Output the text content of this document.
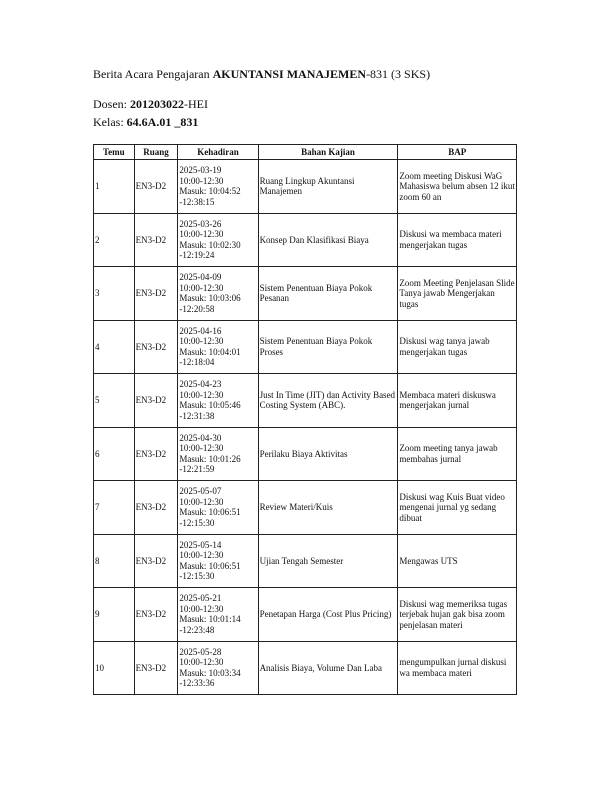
Berita Acara Pengajaran AKUNTANSI MANAJEMEN-831 (3 SKS)
Dosen: 201203022-HEI
Kelas: 64.6A.01 _831
Temu	Ruang	Kehadiran	Bahan Kajian	BAP
1	EN3-D2	2025-03-19
10:00-12:30
Masuk: 10:04:52
-12:38:15	Ruang Lingkup Akuntansi Manajemen	Zoom meeting Diskusi WaG Mahasiswa belum absen 12 ikut zoom 60 an
2	EN3-D2	2025-03-26
10:00-12:30
Masuk: 10:02:30
-12:19:24	Konsep Dan Klasifikasi Biaya	Diskusi wa membaca materi mengerjakan tugas
3	EN3-D2	2025-04-09
10:00-12:30
Masuk: 10:03:06
-12:20:58	Sistem Penentuan Biaya Pokok Pesanan	Zoom Meeting Penjelasan Slide Tanya jawab Mengerjakan tugas
4	EN3-D2	2025-04-16
10:00-12:30
Masuk: 10:04:01
-12:18:04	Sistem Penentuan Biaya Pokok Proses	Diskusi wag tanya jawab mengerjakan tugas
5	EN3-D2	2025-04-23
10:00-12:30
Masuk: 10:05:46
-12:31:38	Just In Time (JIT) dan Activity Based Costing System (ABC).	Membaca materi diskuswa mengerjakan jurnal
6	EN3-D2	2025-04-30
10:00-12:30
Masuk: 10:01:26
-12:21:59	Perilaku Biaya Aktivitas	Zoom meeting tanya jawab membahas jurnal
7	EN3-D2	2025-05-07
10:00-12:30
Masuk: 10:06:51
-12:15:30	Review Materi/Kuis	Diskusi wag Kuis Buat video mengenai jurnal yg sedang dibuat
8	EN3-D2	2025-05-14
10:00-12:30
Masuk: 10:06:51
-12:15:30	Ujian Tengah Semester	Mengawas UTS
9	EN3-D2	2025-05-21
10:00-12:30
Masuk: 10:01:14
-12:23:48	Penetapan Harga (Cost Plus Pricing)	Diskusi wag memeriksa tugas terjebak hujan gak bisa zoom penjelasan materi
10	EN3-D2	2025-05-28
10:00-12:30
Masuk: 10:03:34
-12:33:36	Analisis Biaya, Volume Dan Laba	mengumpulkan jurnal diskusi wa membaca materi
